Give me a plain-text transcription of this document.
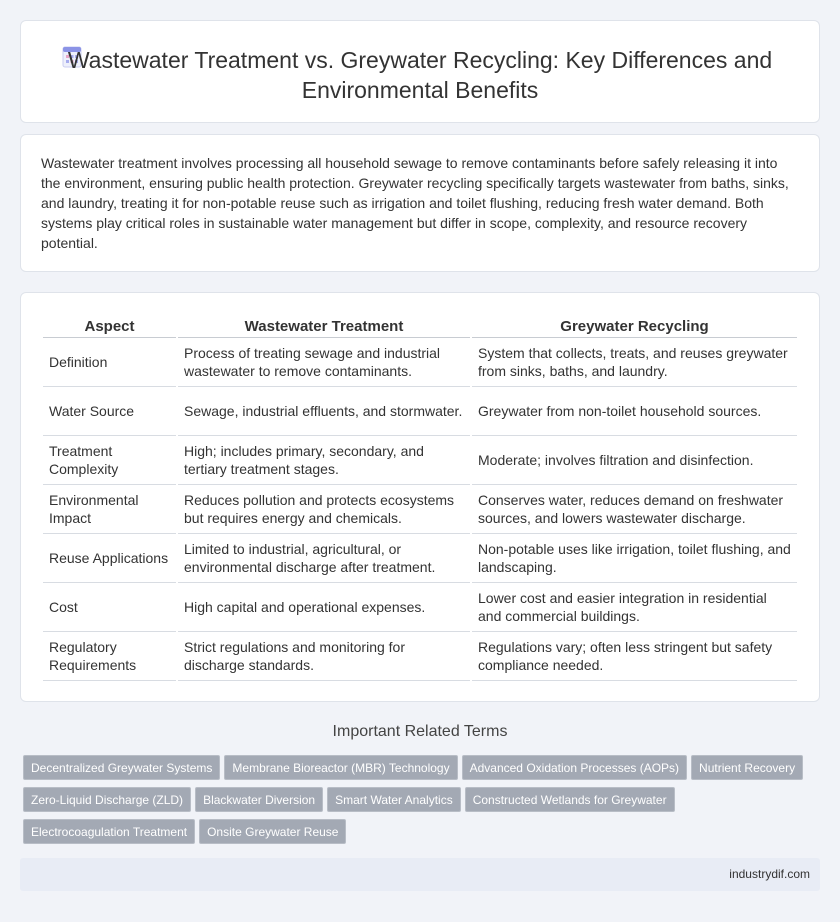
Wastewater Treatment vs. Greywater Recycling: Key Differences and Environmental Benefits

Wastewater treatment involves processing all household sewage to remove contaminants before safely releasing it into the environment, ensuring public health protection. Greywater recycling specifically targets wastewater from baths, sinks, and laundry, treating it for non-potable reuse such as irrigation and toilet flushing, reducing fresh water demand. Both systems play critical roles in sustainable water management but differ in scope, complexity, and resource recovery potential.

Aspect	Wastewater Treatment	Greywater Recycling
Definition	Process of treating sewage and industrial wastewater to remove contaminants.	System that collects, treats, and reuses greywater from sinks, baths, and laundry.
Water Source	Sewage, industrial effluents, and stormwater.	Greywater from non-toilet household sources.
Treatment Complexity	High; includes primary, secondary, and tertiary treatment stages.	Moderate; involves filtration and disinfection.
Environmental Impact	Reduces pollution and protects ecosystems but requires energy and chemicals.	Conserves water, reduces demand on freshwater sources, and lowers wastewater discharge.
Reuse Applications	Limited to industrial, agricultural, or environmental discharge after treatment.	Non-potable uses like irrigation, toilet flushing, and landscaping.
Cost	High capital and operational expenses.	Lower cost and easier integration in residential and commercial buildings.
Regulatory Requirements	Strict regulations and monitoring for discharge standards.	Regulations vary; often less stringent but safety compliance needed.
Important Related Terms
Decentralized Greywater Systems Membrane Bioreactor (MBR) Technology Advanced Oxidation Processes (AOPs) Nutrient RecoveryZero-Liquid Discharge (ZLD) Blackwater Diversion Smart Water Analytics Constructed Wetlands for GreywaterElectrocoagulation Treatment Onsite Greywater Reuse
industrydif.com
